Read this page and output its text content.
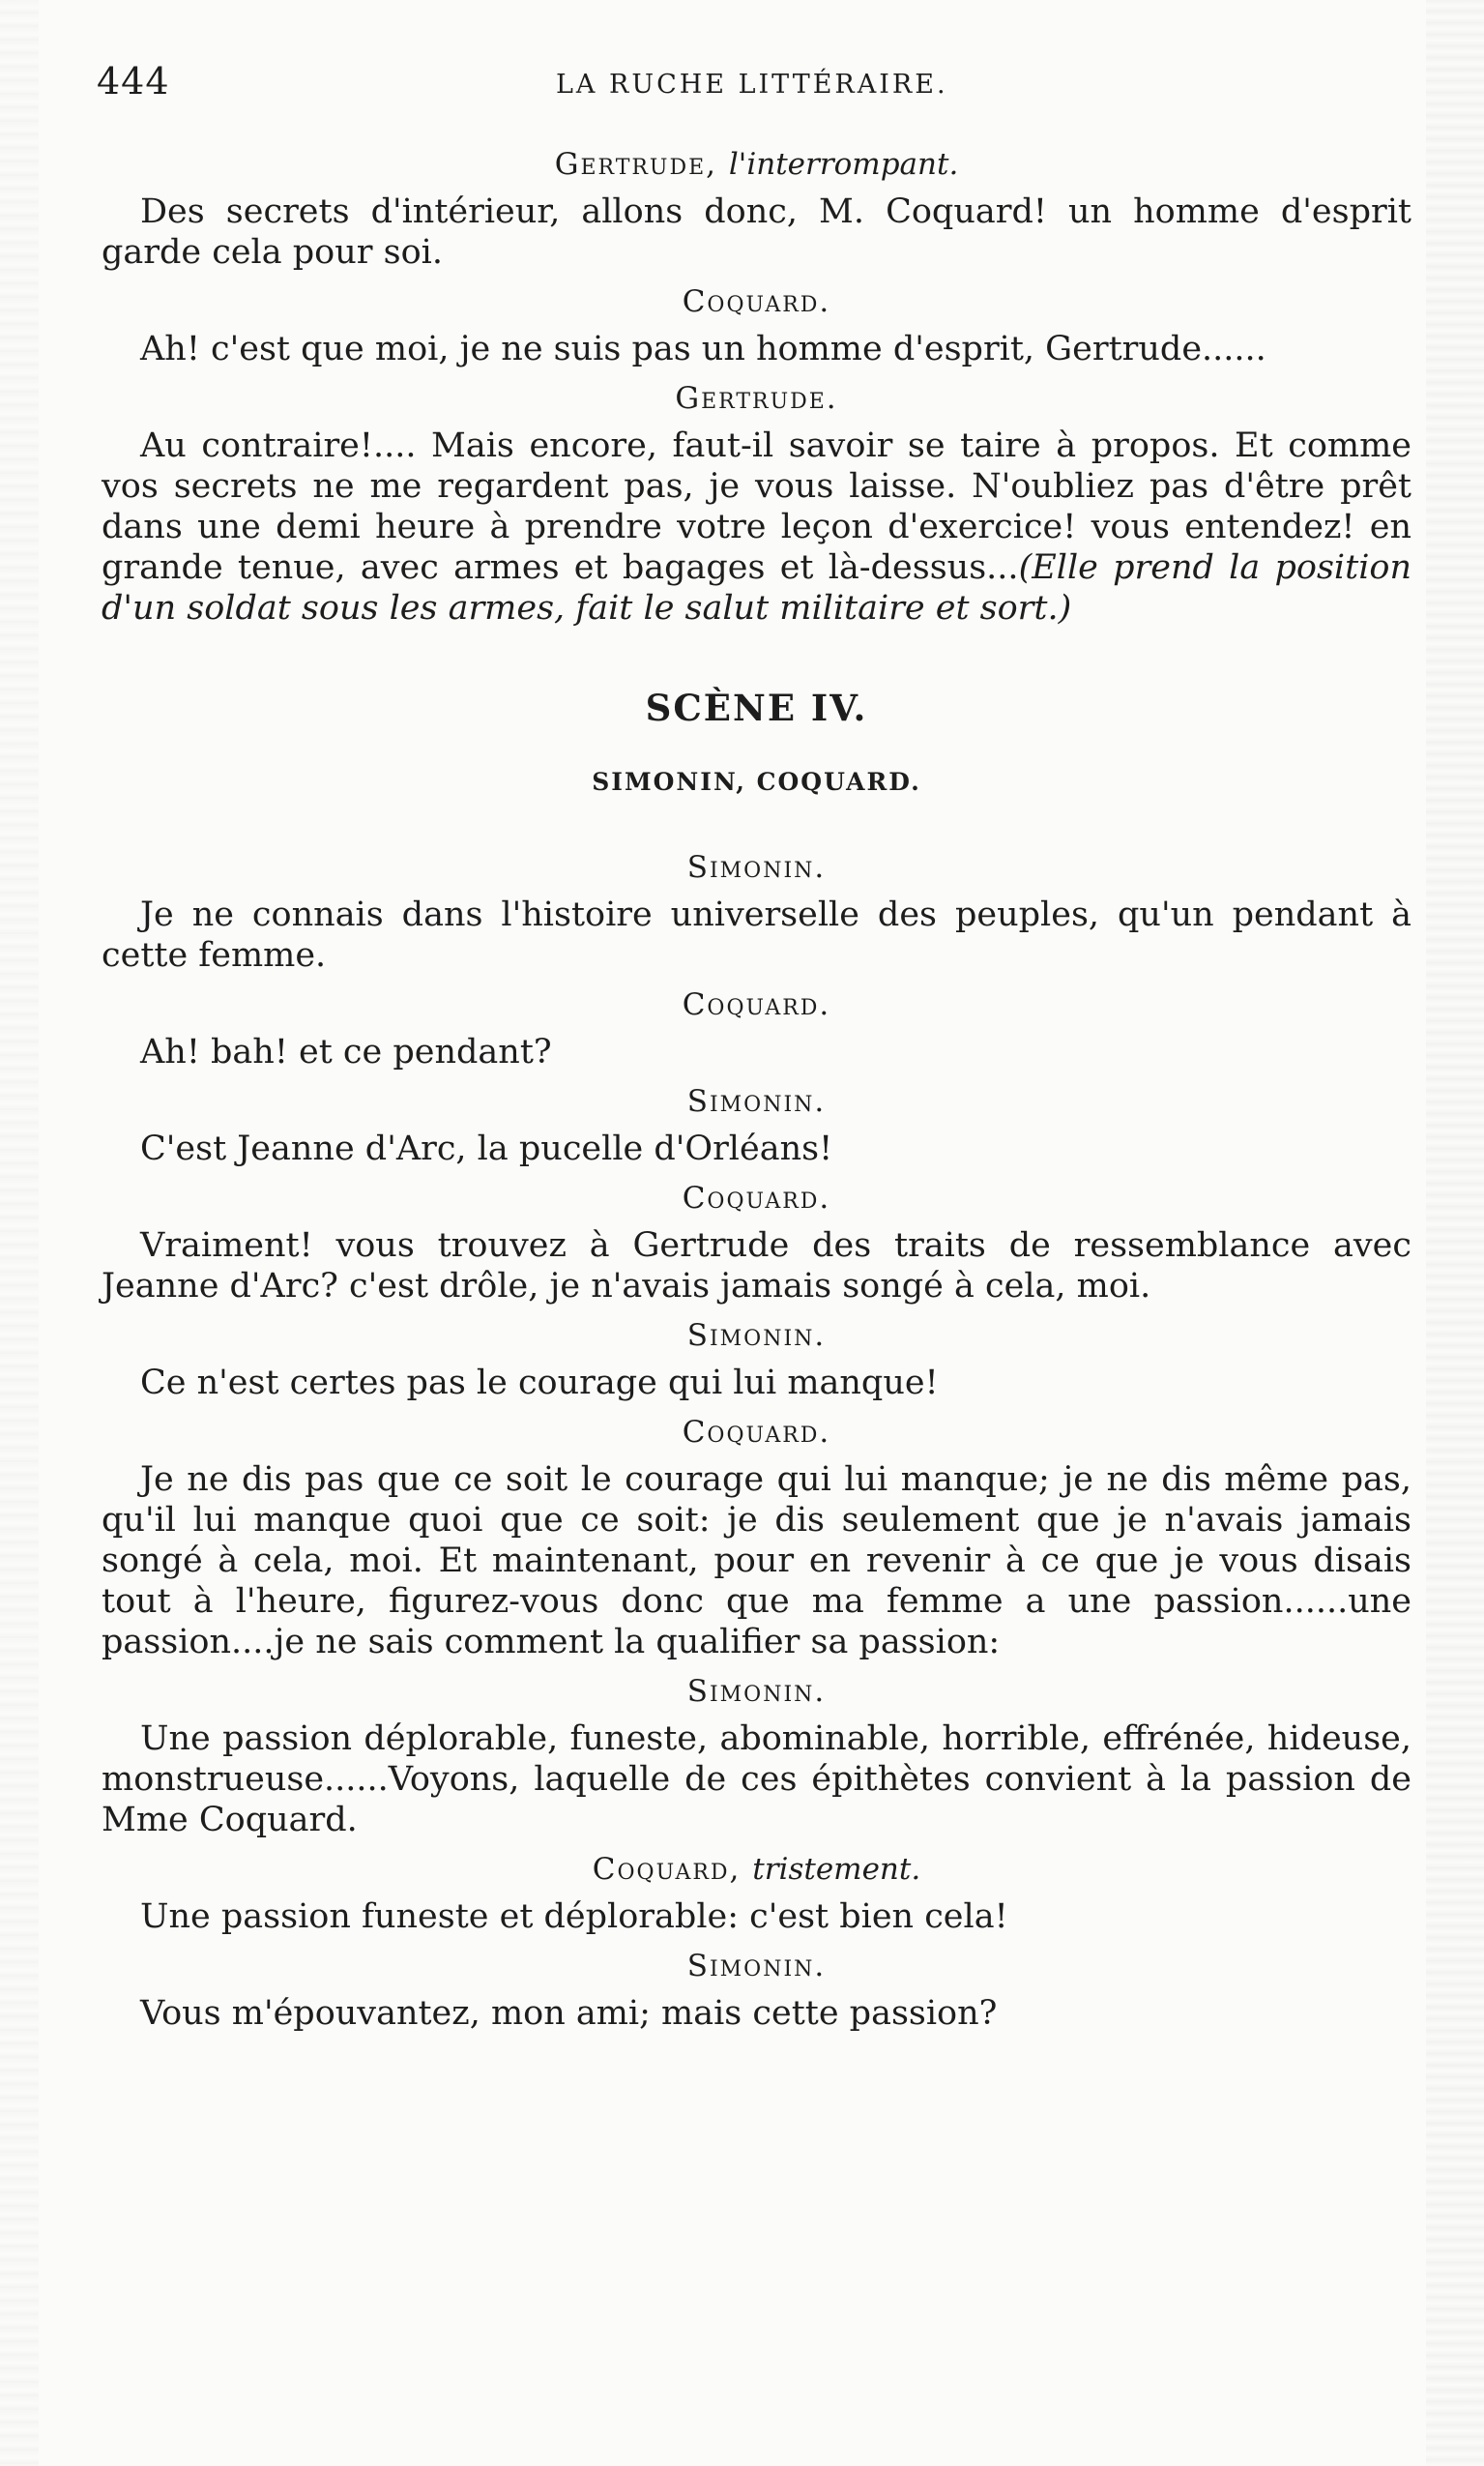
444	LA RUCHE LITTÉRAIRE.
Gertrude, l'interrompant.

Des secrets d'intérieur, allons donc, M. Coquard! un homme d'esprit garde cela pour soi.

Coquard.

Ah! c'est que moi, je ne suis pas un homme d'esprit, Gertrude......

Gertrude.

Au contraire!.... Mais encore, faut-il savoir se taire à propos. Et comme vos secrets ne me regardent pas, je vous laisse. N'oubliez pas d'être prêt dans une demi heure à prendre votre leçon d'exercice! vous entendez! en grande tenue, avec armes et bagages et là-dessus...(Elle prend la position d'un soldat sous les armes, fait le salut militaire et sort.)

SCÈNE IV.
SIMONIN, COQUARD.
Simonin.

Je ne connais dans l'histoire universelle des peuples, qu'un pendant à cette femme.

Coquard.

Ah! bah! et ce pendant?

Simonin.

C'est Jeanne d'Arc, la pucelle d'Orléans!

Coquard.

Vraiment! vous trouvez à Gertrude des traits de ressemblance avec Jeanne d'Arc? c'est drôle, je n'avais jamais songé à cela, moi.

Simonin.

Ce n'est certes pas le courage qui lui manque!

Coquard.

Je ne dis pas que ce soit le courage qui lui manque; je ne dis même pas, qu'il lui manque quoi que ce soit: je dis seulement que je n'avais jamais songé à cela, moi. Et maintenant, pour en revenir à ce que je vous disais tout à l'heure, figurez-vous donc que ma femme a une passion......une passion....je ne sais comment la qualifier sa passion:

Simonin.

Une passion déplorable, funeste, abominable, horrible, effrénée, hideuse, monstrueuse......Voyons, laquelle de ces épithètes convient à la passion de Mme Coquard.

Coquard, tristement.

Une passion funeste et déplorable: c'est bien cela!

Simonin.

Vous m'épouvantez, mon ami; mais cette passion?
